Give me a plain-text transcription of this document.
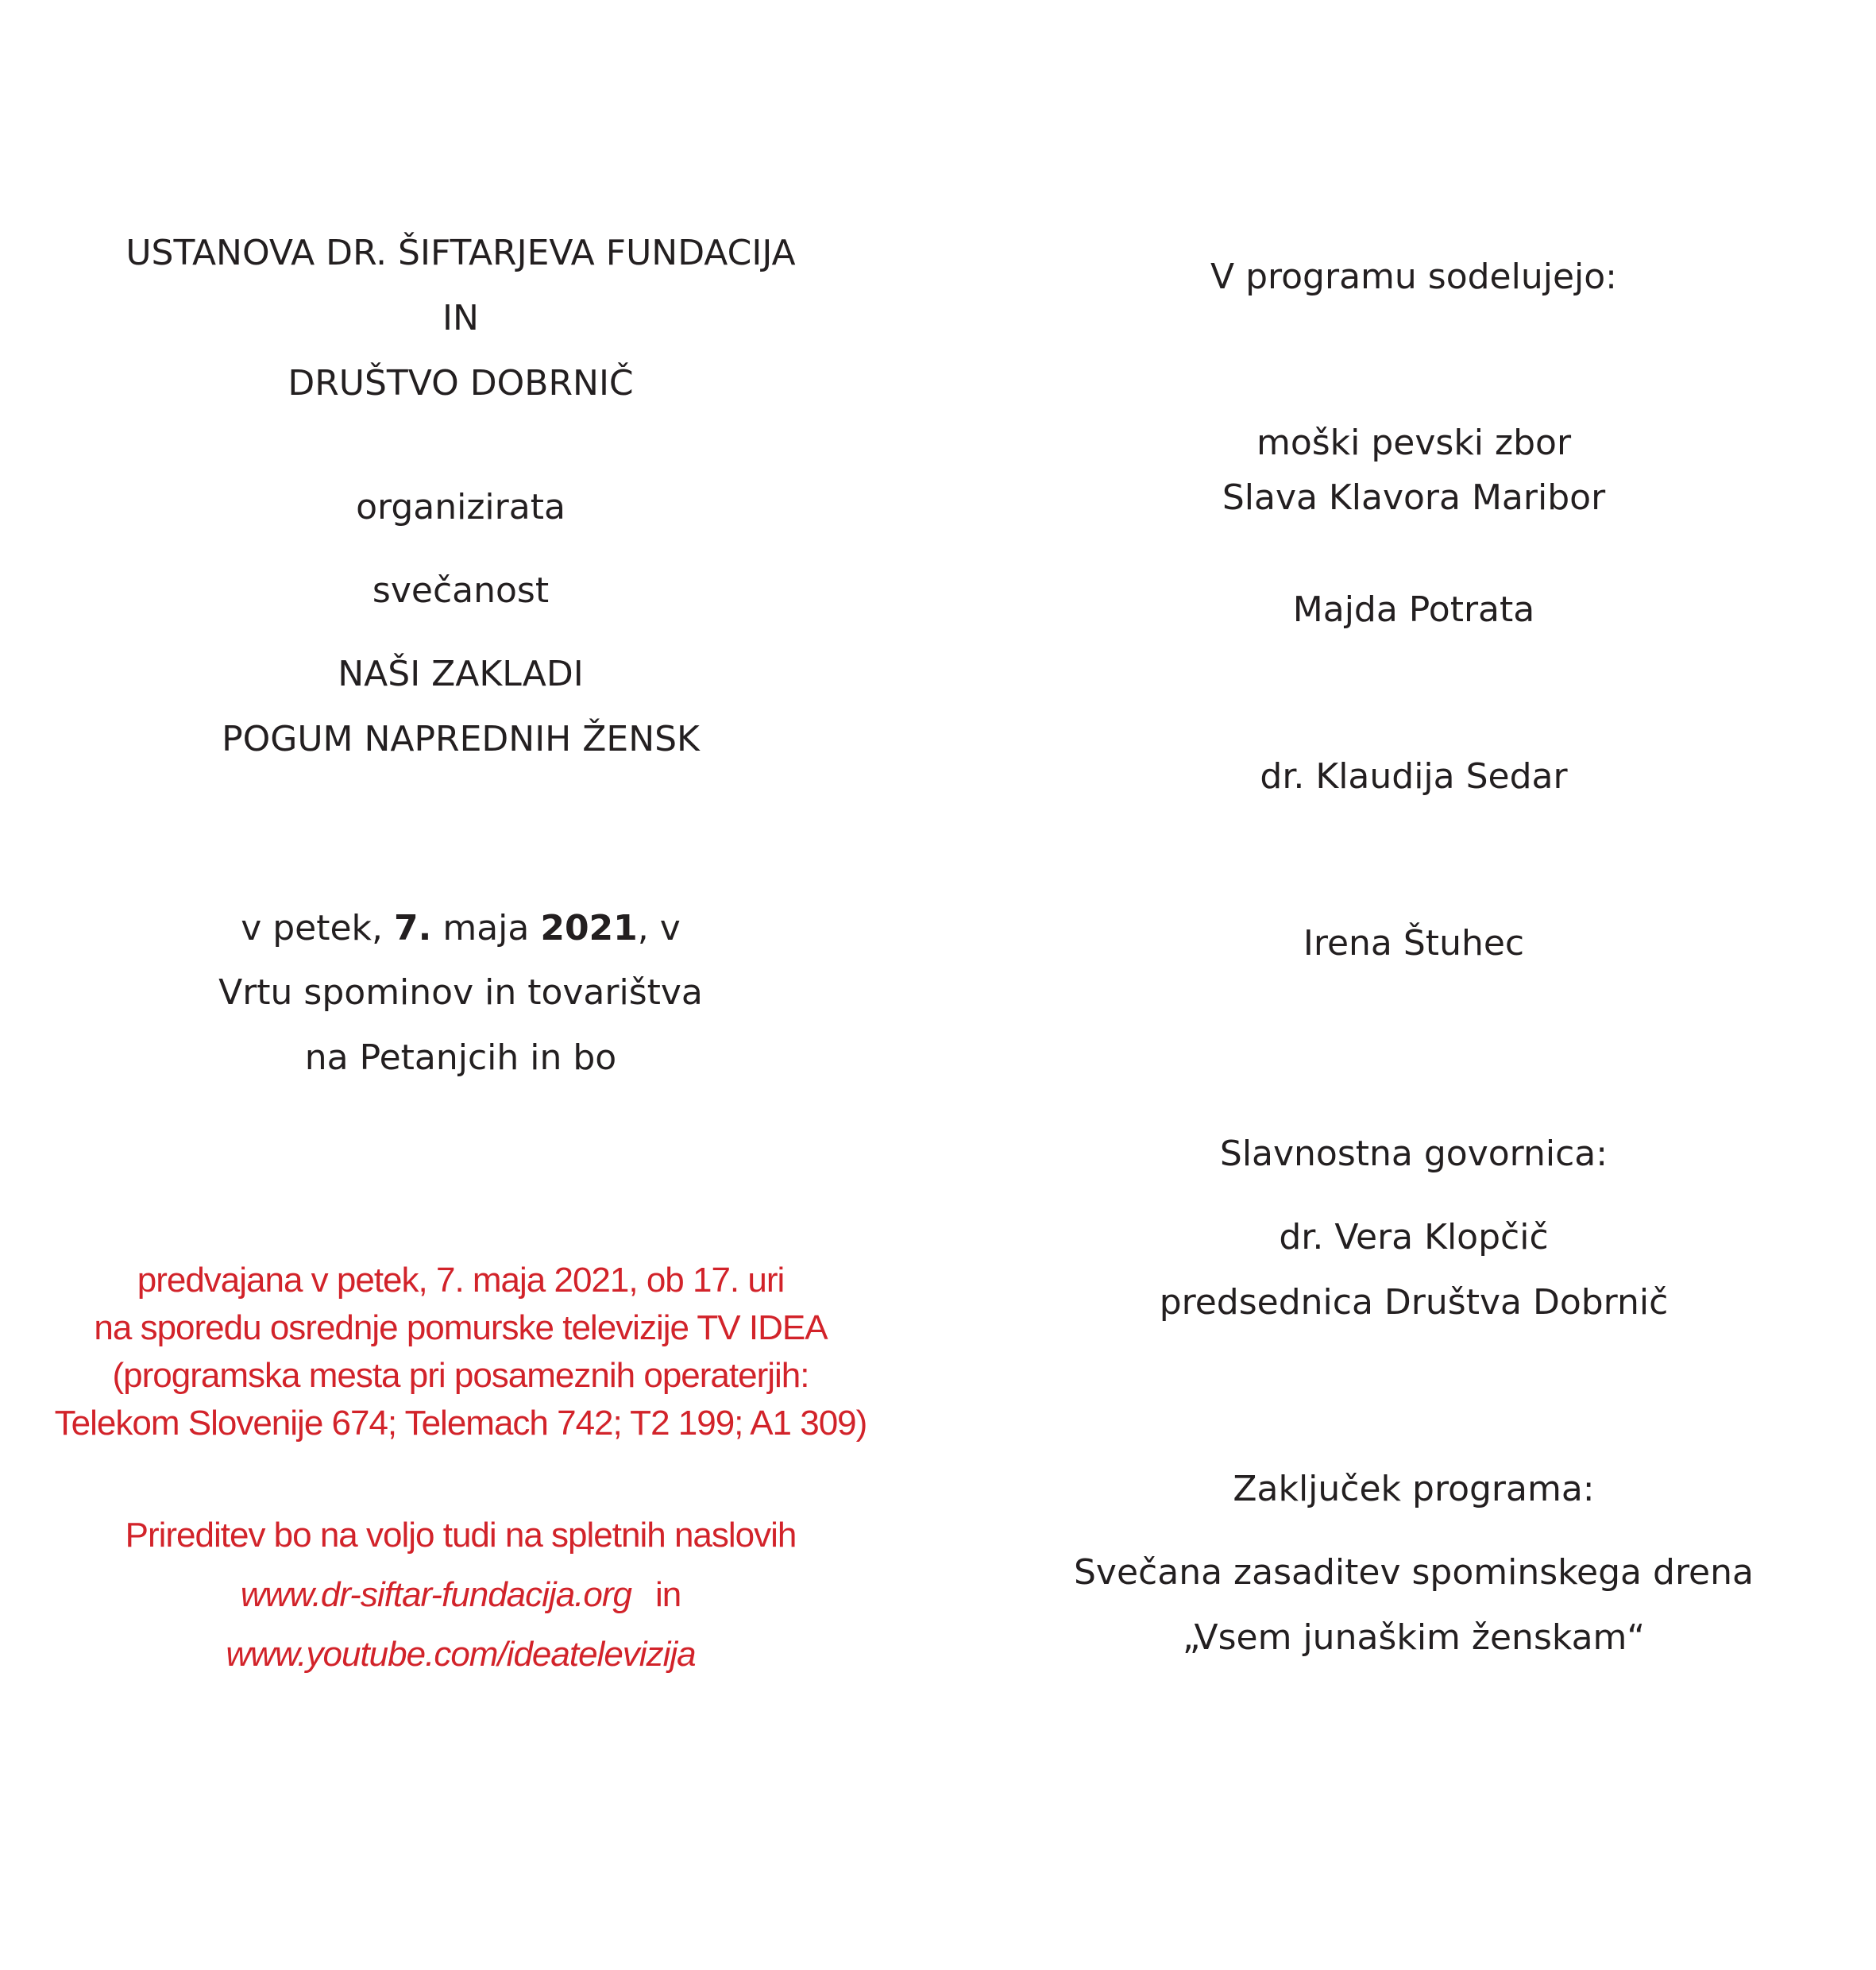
USTANOVA DR. ŠIFTARJEVA FUNDACIJA
IN
DRUŠTVO DOBRNIČ
organizirata
svečanost
NAŠI ZAKLADI
POGUM NAPREDNIH ŽENSK
v petek, 7. maja 2021, v
Vrtu spominov in tovarištva
na Petanjcih in bo
predvajana v petek, 7. maja 2021, ob 17. uri
na sporedu osrednje pomurske televizije TV IDEA
(programska mesta pri posameznih operaterjih:
Telekom Slovenije 674; Telemach 742; T2 199; A1 309)
Prireditev bo na voljo tudi na spletnih naslovih
www.dr-siftar-fundacija.org in
www.youtube.com/ideatelevizija
V programu sodelujejo:
moški pevski zbor
Slava Klavora Maribor
Majda Potrata
dr. Klaudija Sedar
Irena Štuhec
Slavnostna govornica:
dr. Vera Klopčič
predsednica Društva Dobrnič
Zaključek programa:
Svečana zasaditev spominskega drena
„Vsem junaškim ženskam“
